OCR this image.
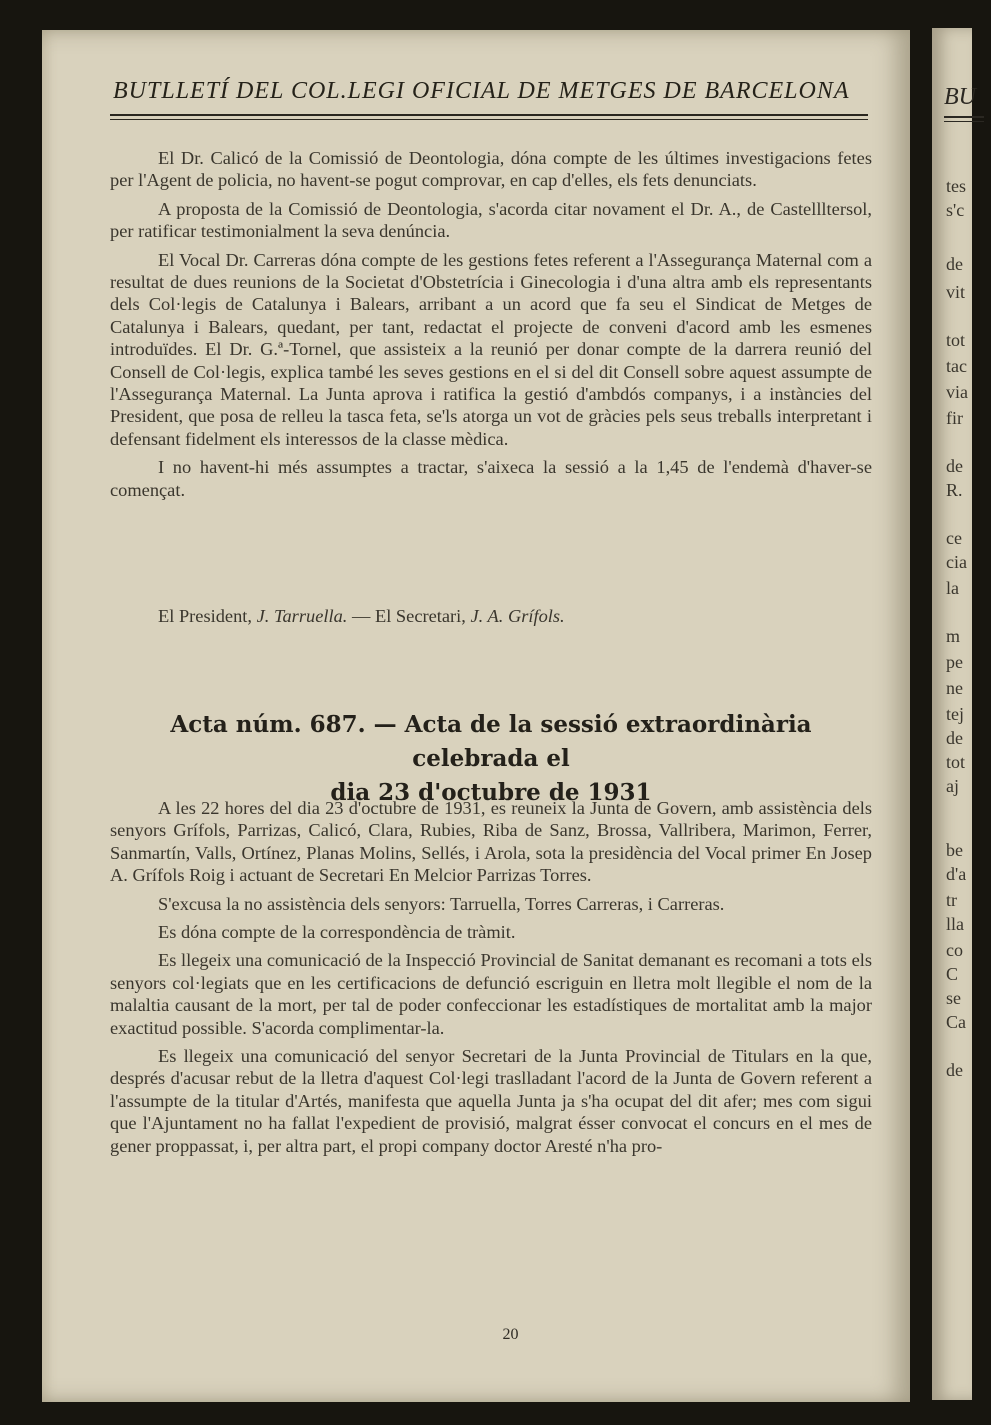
BU
tes
s'c
de
vit
tot
tac
via
fir
de
R.
ce
cia
la
m
pe
ne
tej
de
tot
aj
be
d'a
tr
lla
co
C
se
Ca
de
BUTLLETÍ DEL COL.LEGI OFICIAL DE METGES DE BARCELONA

El Dr. Calicó de la Comissió de Deontologia, dóna compte de les últimes investigacions fetes per l'Agent de policia, no havent-se pogut comprovar, en cap d'elles, els fets denunciats.

A proposta de la Comissió de Deontologia, s'acorda citar novament el Dr. A., de Castellltersol, per ratificar testimonialment la seva denúncia.

El Vocal Dr. Carreras dóna compte de les gestions fetes referent a l'Assegurança Maternal com a resultat de dues reunions de la Societat d'Obstetrícia i Ginecologia i d'una altra amb els representants dels Col·legis de Catalunya i Balears, arribant a un acord que fa seu el Sindicat de Metges de Catalunya i Balears, quedant, per tant, redactat el projecte de conveni d'acord amb les esmenes introduïdes. El Dr. G.ª-Tornel, que assisteix a la reunió per donar compte de la darrera reunió del Consell de Col·legis, explica també les seves gestions en el si del dit Consell sobre aquest assumpte de l'Assegurança Maternal. La Junta aprova i ratifica la gestió d'ambdós companys, i a instàncies del President, que posa de relleu la tasca feta, se'ls atorga un vot de gràcies pels seus treballs interpretant i defensant fidelment els interessos de la classe mèdica.

I no havent-hi més assumptes a tractar, s'aixeca la sessió a la 1,45 de l'endemà d'haver-se començat.

El President, J. Tarruella. — El Secretari, J. A. Grífols.
Acta núm. 687. — Acta de la sessió extraordinària celebrada el
dia 23 d'octubre de 1931

A les 22 hores del dia 23 d'octubre de 1931, es reuneix la Junta de Govern, amb assistència dels senyors Grífols, Parrizas, Calicó, Clara, Rubies, Riba de Sanz, Brossa, Vallribera, Marimon, Ferrer, Sanmartín, Valls, Ortínez, Planas Molins, Sellés, i Arola, sota la presidència del Vocal primer En Josep A. Grífols Roig i actuant de Secretari En Melcior Parrizas Torres.

S'excusa la no assistència dels senyors: Tarruella, Torres Carreras, i Carreras.

Es dóna compte de la correspondència de tràmit.

Es llegeix una comunicació de la Inspecció Provincial de Sanitat demanant es recomani a tots els senyors col·legiats que en les certificacions de defunció escriguin en lletra molt llegible el nom de la malaltia causant de la mort, per tal de poder confeccionar les estadístiques de mortalitat amb la major exactitud possible. S'acorda complimentar-la.

Es llegeix una comunicació del senyor Secretari de la Junta Provincial de Titulars en la que, després d'acusar rebut de la lletra d'aquest Col·legi traslladant l'acord de la Junta de Govern referent a l'assumpte de la titular d'Artés, manifesta que aquella Junta ja s'ha ocupat del dit afer; mes com sigui que l'Ajuntament no ha fallat l'expedient de provisió, malgrat ésser convocat el concurs en el mes de gener proppassat, i, per altra part, el propi company doctor Aresté n'ha pro-

20
